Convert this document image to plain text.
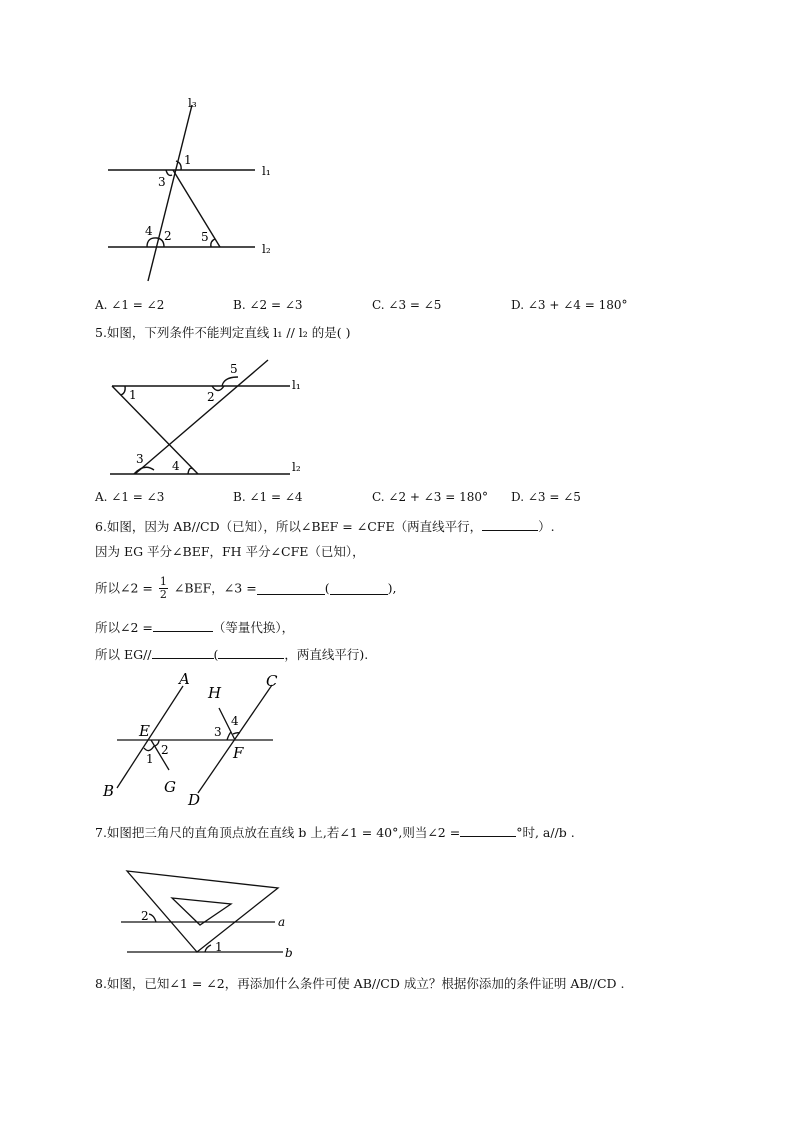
l₃
l₁
l₂
1
3
4 2 5
A. ∠1 = ∠2	B. ∠2 = ∠3	C. ∠3 = ∠5	D. ∠3 + ∠4 = 180°
5.如图，下列条件不能判定直线 l₁ // l₂ 的是( )
l₁
l₂
1	2
5
3 4
A. ∠1 = ∠3	B. ∠1 = ∠4	C. ∠2 + ∠3 = 180° D. ∠3 = ∠5
6.如图，因为 AB//CD（已知），所以∠BEF = ∠CFE（两直线平行，	）.
因为 EG 平分∠BEF，FH 平分∠CFE（已知），
所以∠2 = $\frac{1}{2}$ ∠BEF，∠3 =	(	),
所以∠2 =	（等量代换），
所以 EG//	(	，两直线平行).
A
H
C
E	3
4
F
2
1
G
B	D
7.如图把三角尺的直角顶点放在直线 b 上,若∠1 = 40°,则当∠2 =	°时, a//b .
a
b
2
1
8.如图，已知∠1 = ∠2，再添加什么条件可使 AB//CD 成立？根据你添加的条件证明 AB//CD .
